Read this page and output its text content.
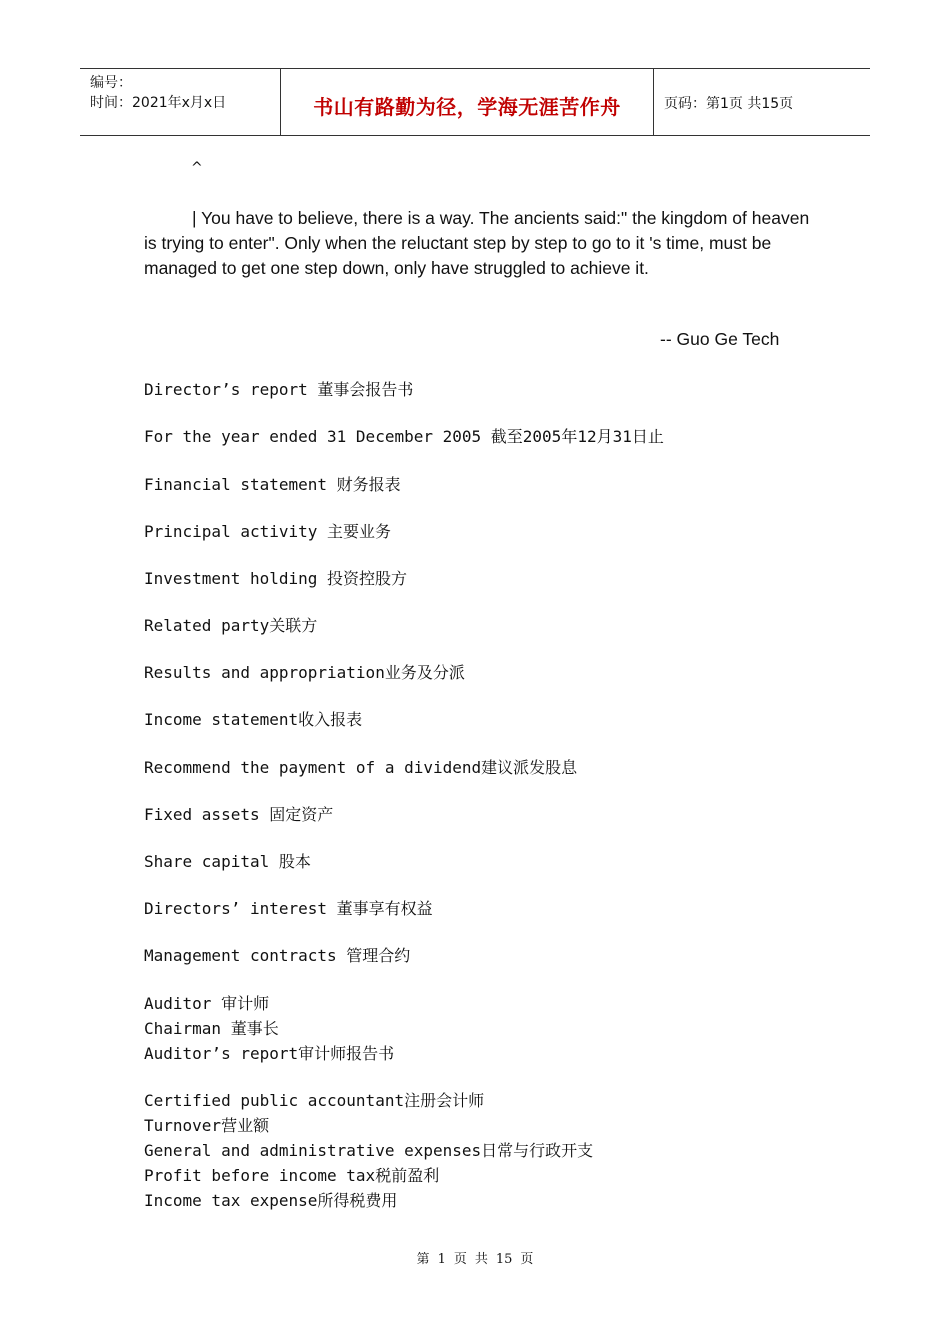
编号：
时间：2021年x月x日	书山有路勤为径，学海无涯苦作舟	页码：第1页 共15页
^
| You have to believe, there is a way. The ancients said:" the kingdom of heaven is trying to enter". Only when the reluctant step by step to go to it 's time, must be managed to get one step down, only have struggled to achieve it.
-- Guo Ge Tech
Director’s report 董事会报告书
For the year ended 31 December 2005 截至2005年12月31日止
Financial statement 财务报表
Principal activity 主要业务
Investment holding 投资控股方
Related party关联方
Results and appropriation业务及分派
Income statement收入报表
Recommend the payment of a dividend建议派发股息
Fixed assets 固定资产
Share capital 股本
Directors’ interest 董事享有权益
Management contracts 管理合约
Auditor 审计师
Chairman 董事长
Auditor’s report审计师报告书
Certified public accountant注册会计师
Turnover营业额
General and administrative expenses日常与行政开支
Profit before income tax税前盈利
Income tax expense所得税费用
第 1 页 共 15 页
